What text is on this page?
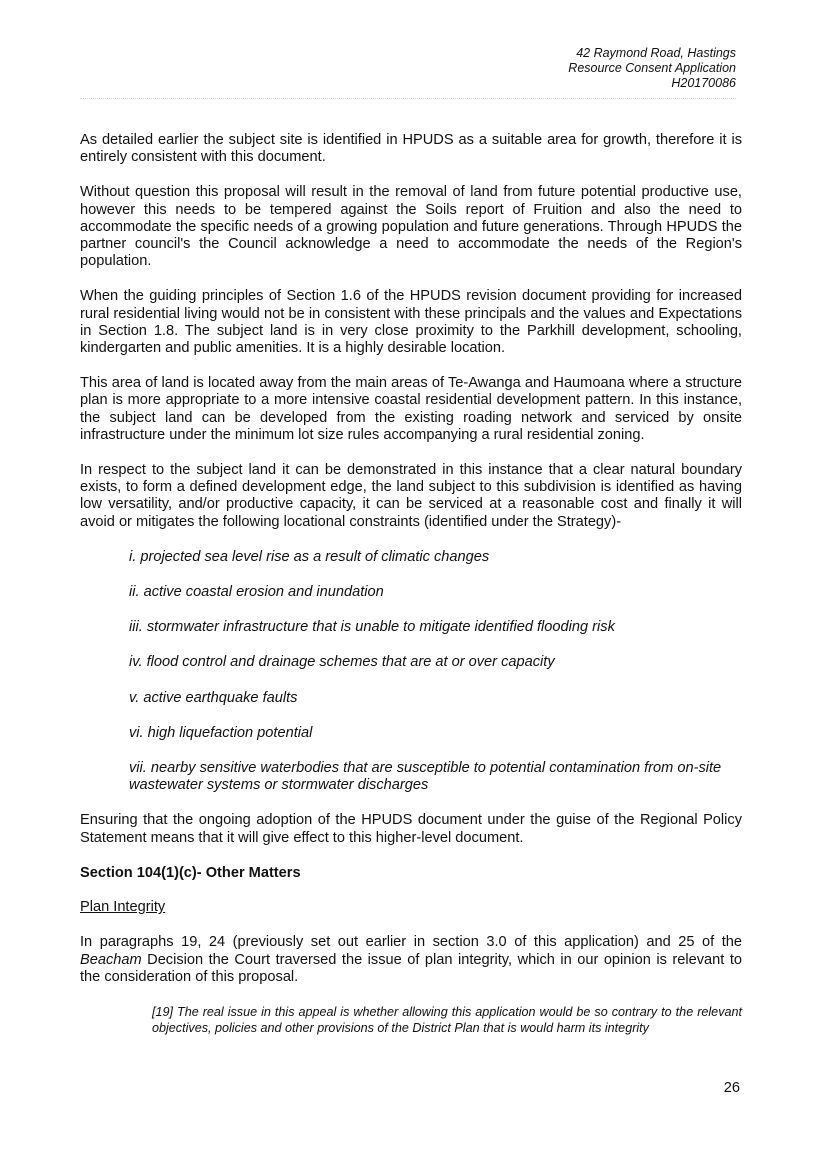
42 Raymond Road, Hastings
Resource Consent Application
H20170086

As detailed earlier the subject site is identified in HPUDS as a suitable area for growth, therefore it is entirely consistent with this document.

Without question this proposal will result in the removal of land from future potential productive use, however this needs to be tempered against the Soils report of Fruition and also the need to accommodate the specific needs of a growing population and future generations. Through HPUDS the partner council's the Council acknowledge a need to accommodate the needs of the Region's population.

When the guiding principles of Section 1.6 of the HPUDS revision document providing for increased rural residential living would not be in consistent with these principals and the values and Expectations in Section 1.8. The subject land is in very close proximity to the Parkhill development, schooling, kindergarten and public amenities. It is a highly desirable location.

This area of land is located away from the main areas of Te-Awanga and Haumoana where a structure plan is more appropriate to a more intensive coastal residential development pattern. In this instance, the subject land can be developed from the existing roading network and serviced by onsite infrastructure under the minimum lot size rules accompanying a rural residential zoning.

In respect to the subject land it can be demonstrated in this instance that a clear natural boundary exists, to form a defined development edge, the land subject to this subdivision is identified as having low versatility, and/or productive capacity, it can be serviced at a reasonable cost and finally it will avoid or mitigates the following locational constraints (identified under the Strategy)-

i. projected sea level rise as a result of climatic changes
ii. active coastal erosion and inundation
iii. stormwater infrastructure that is unable to mitigate identified flooding risk
iv. flood control and drainage schemes that are at or over capacity
v. active earthquake faults
vi. high liquefaction potential
vii. nearby sensitive waterbodies that are susceptible to potential contamination from on-site wastewater systems or stormwater discharges

Ensuring that the ongoing adoption of the HPUDS document under the guise of the Regional Policy Statement means that it will give effect to this higher-level document.

Section 104(1)(c)- Other Matters
Plan Integrity

In paragraphs 19, 24 (previously set out earlier in section 3.0 of this application) and 25 of the Beacham Decision the Court traversed the issue of plan integrity, which in our opinion is relevant to the consideration of this proposal.

[19] The real issue in this appeal is whether allowing this application would be so contrary to the relevant objectives, policies and other provisions of the District Plan that is would harm its integrity
26
